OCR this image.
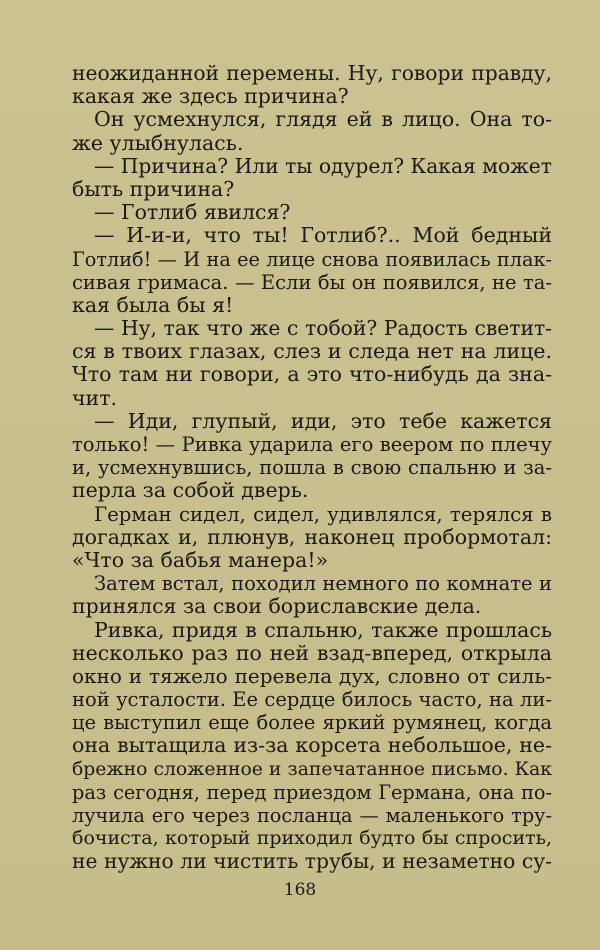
неожиданной перемены. Ну, говори правду,
какая же здесь причина?
Он усмехнулся, глядя ей в лицо. Она то-
же улыбнулась.
— Причина? Или ты одурел? Какая может
быть причина?
— Готлиб явился?
— И-и-и, что ты! Готлиб?.. Мой бедный
Готлиб! — И на ее лице снова появилась плак-
сивая гримаса. — Если бы он появился, не та-
кая была бы я!
— Ну, так что же с тобой? Радость светит-
ся в твоих глазах, слез и следа нет на лице.
Что там ни говори, а это что-нибудь да зна-
чит.
— Иди, глупый, иди, это тебе кажется
только! — Ривка ударила его веером по плечу
и, усмехнувшись, пошла в свою спальню и за-
перла за собой дверь.
Герман сидел, сидел, удивлялся, терялся в
догадках и, плюнув, наконец пробормотал:
«Что за бабья манера!»
Затем встал, походил немного по комнате и
принялся за свои бориславские дела.
Ривка, придя в спальню, также прошлась
несколько раз по ней взад-вперед, открыла
окно и тяжело перевела дух, словно от силь-
ной усталости. Ее сердце билось часто, на ли-
це выступил еще более яркий румянец, когда
она вытащила из-за корсета небольшое, не-
брежно сложенное и запечатанное письмо. Как
раз сегодня, перед приездом Германа, она по-
лучила его через посланца — маленького тру-
бочиста, который приходил будто бы спросить,
не нужно ли чистить трубы, и незаметно су-
168
